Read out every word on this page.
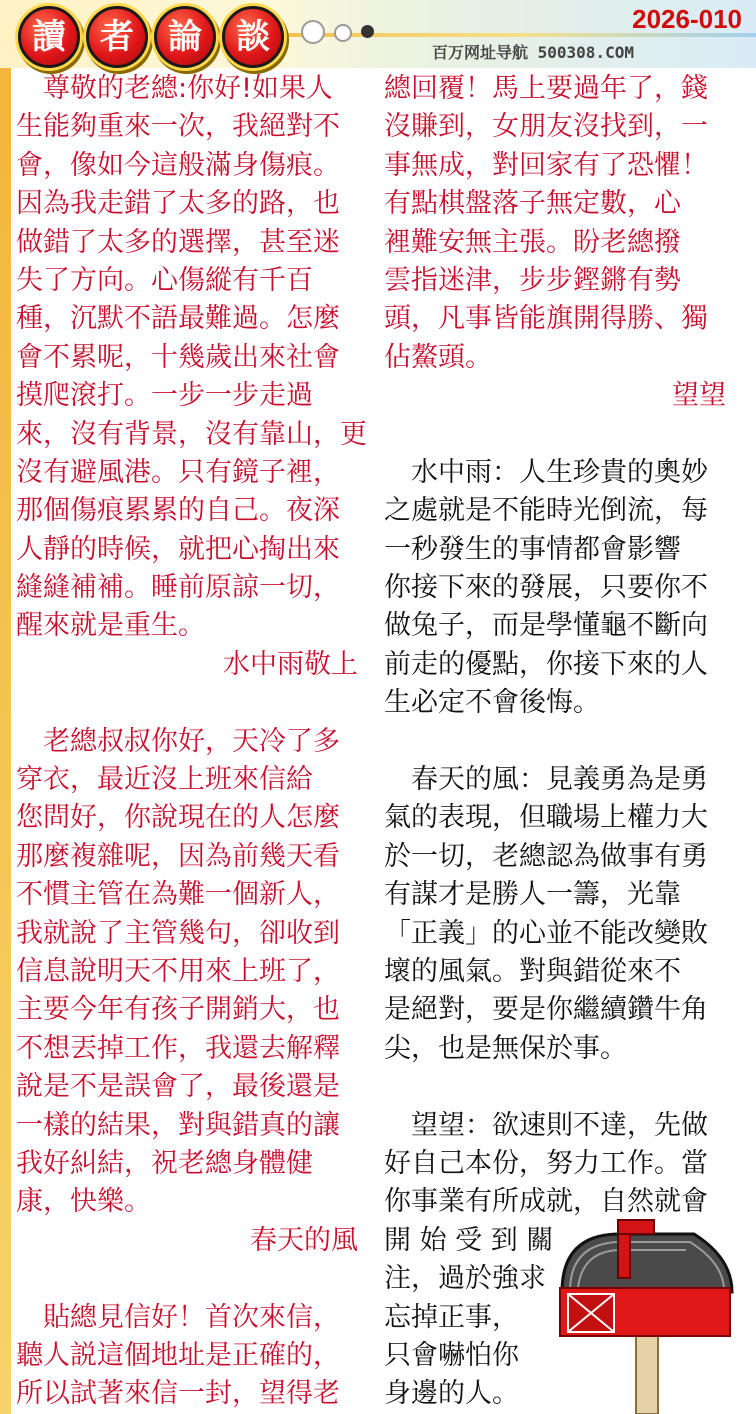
讀	者	論	談	2026-010
百万网址导航 500308.COM
　尊敬的老總:你好!如果人
生能夠重來一次，我絕對不
會，像如今這般滿身傷痕。
因為我走錯了太多的路，也
做錯了太多的選擇，甚至迷
失了方向。心傷縱有千百
種，沉默不語最難過。怎麼
會不累呢，十幾歲出來社會
摸爬滾打。一步一步走過
來，沒有背景，沒有靠山，更
沒有避風港。只有鏡子裡，
那個傷痕累累的自己。夜深
人靜的時候，就把心掏出來
縫縫補補。睡前原諒一切，
醒來就是重生。
水中雨敬上
　老總叔叔你好，天冷了多
穿衣，最近沒上班來信給
您問好，你說現在的人怎麼
那麼複雜呢，因為前幾天看
不慣主管在為難一個新人，
我就說了主管幾句，卻收到
信息說明天不用來上班了，
主要今年有孩子開銷大，也
不想丟掉工作，我還去解釋
說是不是誤會了，最後還是
一樣的結果，對與錯真的讓
我好糾結，祝老總身體健
康，快樂。
春天的風
　貼總見信好！首次來信，
聽人説這個地址是正確的，
所以試著來信一封，望得老
總回覆！馬上要過年了，錢
沒賺到，女朋友沒找到，一
事無成，對回家有了恐懼！
有點棋盤落子無定數，心
裡難安無主張。盼老總撥
雲指迷津，步步鏗鏘有勢
頭，凡事皆能旗開得勝、獨
佔鰲頭。
望望
　水中雨：人生珍貴的奧妙
之處就是不能時光倒流，每
一秒發生的事情都會影響
你接下來的發展，只要你不
做兔子，而是學懂龜不斷向
前走的優點，你接下來的人
生必定不會後悔。
　春天的風：見義勇為是勇
氣的表現，但職場上權力大
於一切，老總認為做事有勇
有謀才是勝人一籌，光靠
「正義」的心並不能改變敗
壞的風氣。對與錯從來不
是絕對，要是你繼續鑽牛角
尖，也是無保於事。
　望望：欲速則不達，先做
好自己本份，努力工作。當
你事業有所成就，自然就會
開 始 受 到 關
注，過於強求
忘掉正事，
只會嚇怕你
身邊的人。
